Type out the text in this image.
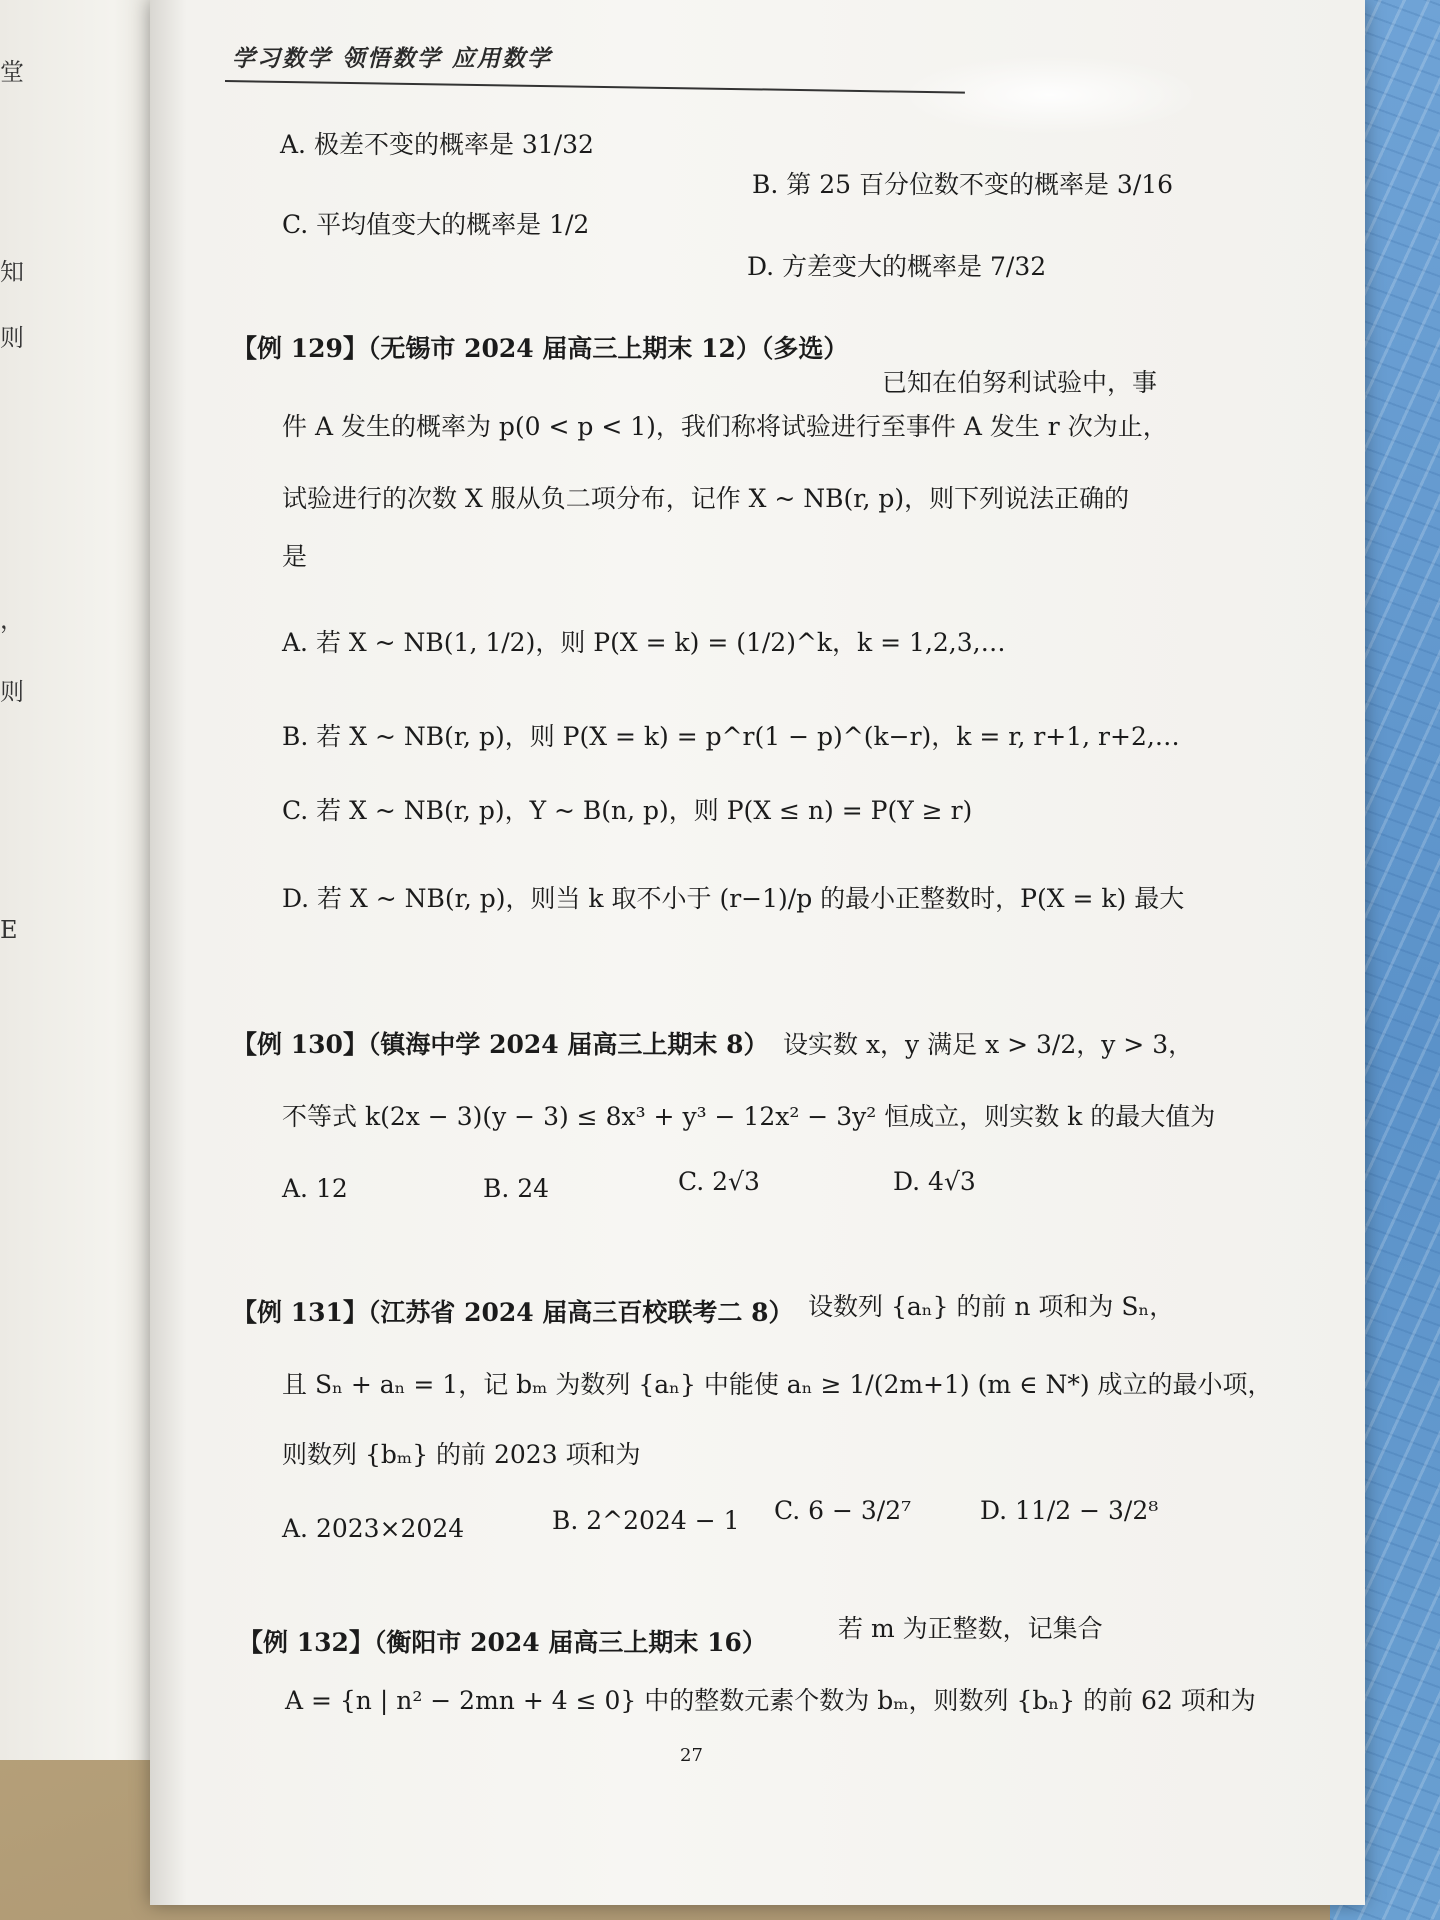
堂
知
则
，
则
E
学习数学 领悟数学 应用数学
A. 极差不变的概率是 31/32
B. 第 25 百分位数不变的概率是 3/16
C. 平均值变大的概率是 1/2
D. 方差变大的概率是 7/32
【例 129】（无锡市 2024 届高三上期末 12）（多选）
已知在伯努利试验中，事
件 A 发生的概率为 p(0 < p < 1)，我们称将试验进行至事件 A 发生 r 次为止，
试验进行的次数 X 服从负二项分布，记作 X ~ NB(r, p)，则下列说法正确的
是
A. 若 X ~ NB(1, 1/2)，则 P(X = k) = (1/2)^k，k = 1,2,3,…
B. 若 X ~ NB(r, p)，则 P(X = k) = p^r(1 − p)^(k−r)，k = r, r+1, r+2,…
C. 若 X ~ NB(r, p)，Y ~ B(n, p)，则 P(X ≤ n) = P(Y ≥ r)
D. 若 X ~ NB(r, p)，则当 k 取不小于 (r−1)/p 的最小正整数时，P(X = k) 最大
【例 130】（镇海中学 2024 届高三上期末 8） 设实数 x，y 满足 x > 3/2，y > 3，
不等式 k(2x − 3)(y − 3) ≤ 8x³ + y³ − 12x² − 3y² 恒成立，则实数 k 的最大值为
A. 12	B. 24	C. 2√3	D. 4√3
【例 131】（江苏省 2024 届高三百校联考二 8） 设数列 {aₙ} 的前 n 项和为 Sₙ，
且 Sₙ + aₙ = 1，记 bₘ 为数列 {aₙ} 中能使 aₙ ≥ 1/(2m+1) (m ∈ N*) 成立的最小项，
则数列 {bₘ} 的前 2023 项和为
A. 2023×2024	B. 2^2024 − 1 C. 6 − 3/2⁷	D. 11/2 − 3/2⁸
【例 132】（衡阳市 2024 届高三上期末 16）	若 m 为正整数，记集合
A = {n | n² − 2mn + 4 ≤ 0} 中的整数元素个数为 bₘ，则数列 {bₙ} 的前 62 项和为
27
